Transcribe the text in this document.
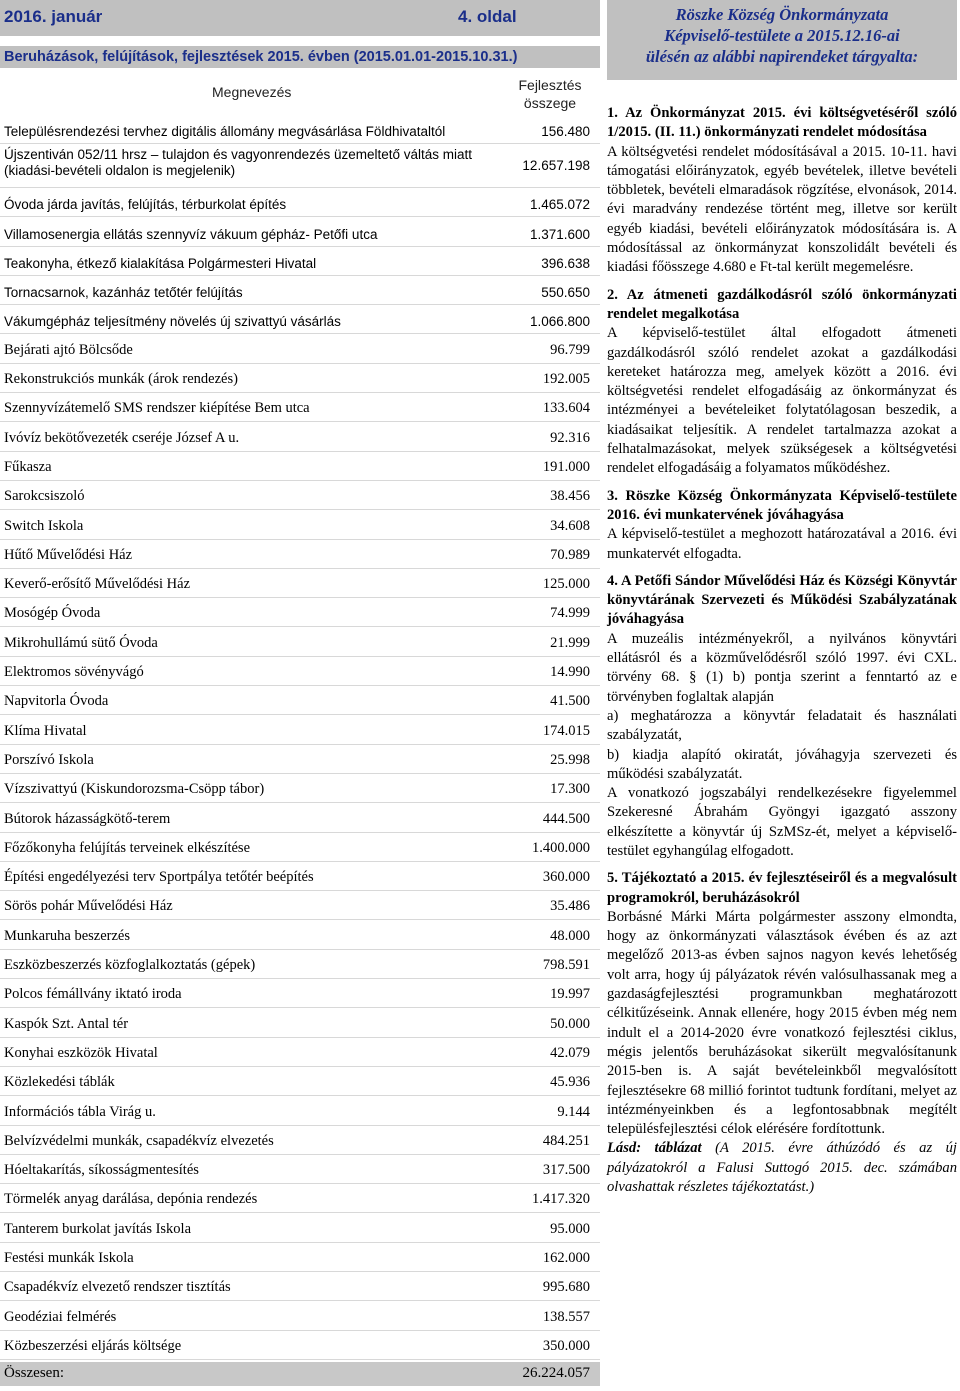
2016. január	4. oldal
Beruházások, felújítások, fejlesztések 2015. évben (2015.01.01-2015.10.31.)
Megnevezés	Fejlesztés
összege
Településrendezési tervhez digitális állomány megvásárlása Földhivataltól	156.480
Újszentiván 052/11 hrsz – tulajdon és vagyonrendezés üzemeltető váltás miatt (kiadási-bevételi oldalon is megjelenik)	12.657.198
Óvoda járda javítás, felújítás, térburkolat építés	1.465.072
Villamosenergia ellátás szennyvíz vákuum gépház- Petőfi utca	1.371.600
Teakonyha, étkező kialakítása Polgármesteri Hivatal	396.638
Tornacsarnok, kazánház tetőtér felújítás	550.650
Vákumgépház teljesítmény növelés új szivattyú vásárlás	1.066.800
Bejárati ajtó Bölcsőde	96.799
Rekonstrukciós munkák (árok rendezés)	192.005
Szennyvízátemelő SMS rendszer kiépítése Bem utca	133.604
Ivóvíz bekötővezeték cseréje József A u.	92.316
Fűkasza	191.000
Sarokcsiszoló	38.456
Switch Iskola	34.608
Hűtő Művelődési Ház	70.989
Keverő-erősítő Művelődési Ház	125.000
Mosógép Óvoda	74.999
Mikrohullámú sütő Óvoda	21.999
Elektromos sövényvágó	14.990
Napvitorla Óvoda	41.500
Klíma Hivatal	174.015
Porszívó Iskola	25.998
Vízszivattyú (Kiskundorozsma-Csöpp tábor)	17.300
Bútorok házasságkötő-terem	444.500
Főzőkonyha felújítás terveinek elkészítése	1.400.000
Építési engedélyezési terv Sportpálya tetőtér beépítés	360.000
Sörös pohár Művelődési Ház	35.486
Munkaruha beszerzés	48.000
Eszközbeszerzés közfoglalkoztatás (gépek)	798.591
Polcos fémállvány iktató iroda	19.997
Kaspók Szt. Antal tér	50.000
Konyhai eszközök Hivatal	42.079
Közlekedési táblák	45.936
Információs tábla Virág u.	9.144
Belvízvédelmi munkák, csapadékvíz elvezetés	484.251
Hóeltakarítás, síkosságmentesítés	317.500
Törmelék anyag darálása, depónia rendezés	1.417.320
Tanterem burkolat javítás Iskola	95.000
Festési munkák Iskola	162.000
Csapadékvíz elvezető rendszer tisztítás	995.680
Geodéziai felmérés	138.557
Közbeszerzési eljárás költsége	350.000
Összesen:	26.224.057
Röszke Község Önkormányzata
Képviselő-testülete a 2015.12.16-ai
ülésén az alábbi napirendeket tárgyalta:

1. Az Önkormányzat 2015. évi költségvetéséről szóló 1/2015. (II. 11.) önkormányzati rendelet módosítása

A költségvetési rendelet módosításával a 2015. 10-11. havi támogatási előirányzatok, egyéb bevételek, illetve bevételi többletek, bevételi elmaradások rögzítése, elvonások, 2014. évi maradvány rendezése történt meg, illetve sor került egyéb kiadási, bevételi előirányzatok módosítására is. A módosítással az önkormányzat konszolidált bevételi és kiadási főösszege 4.680 e Ft-tal került megemelésre.

2. Az átmeneti gazdálkodásról szóló önkormányzati rendelet megalkotása

A képviselő-testület által elfogadott átmeneti gazdálkodásról szóló rendelet azokat a gazdálkodási kereteket határozza meg, amelyek között a 2016. évi költségvetési rendelet elfogadásáig az önkormányzat és intézményei a bevételeiket folytatólagosan beszedik, a kiadásaikat teljesítik. A rendelet tartalmazza azokat a felhatalmazásokat, melyek szükségesek a költségvetési rendelet elfogadásáig a folyamatos működéshez.

3. Röszke Község Önkormányzata Képviselő-testülete 2016. évi munkatervének jóváhagyása

A képviselő-testület a meghozott határozatával a 2016. évi munkatervét elfogadta.

4. A Petőfi Sándor Művelődési Ház és Községi Könyvtár könyvtárának Szervezeti és Működési Szabályzatának jóváhagyása

A muzeális intézményekről, a nyilvános könyvtári ellátásról és a közművelődésről szóló 1997. évi CXL. törvény 68. § (1) b) pontja szerint a fenntartó az e törvényben foglaltak alapján

a) meghatározza a könyvtár feladatait és használati szabályzatát,

b) kiadja alapító okiratát, jóváhagyja szervezeti és működési szabályzatát.

A vonatkozó jogszabályi rendelkezésekre figyelemmel Szekeresné Ábrahám Gyöngyi igazgató asszony elkészítette a könyvtár új SzMSz-ét, melyet a képviselő-testület egyhangúlag elfogadott.

5. Tájékoztató a 2015. év fejlesztéseiről és a megvalósult programokról, beruházásokról

Borbásné Márki Márta polgármester asszony elmondta, hogy az önkormányzati választások évében és az azt megelőző 2013-as évben sajnos nagyon kevés lehetőség volt arra, hogy új pályázatok révén valósulhassanak meg a gazdaságfejlesztési programunkban meghatározott célkitűzéseink. Annak ellenére, hogy 2015 évben még nem indult el a 2014-2020 évre vonatkozó fejlesztési ciklus, mégis jelentős beruházásokat sikerült megvalósítanunk 2015-ben is. A saját bevételeinkből megvalósított fejlesztésekre 68 millió forintot tudtunk fordítani, melyet az intézményeinkben és a legfontosabbnak megítélt településfejlesztési célok elérésére fordítottunk.

Lásd: táblázat (A 2015. évre áthúzódó és az új pályázatokról a Falusi Suttogó 2015. dec. számában olvashattak részletes tájékoztatást.)
